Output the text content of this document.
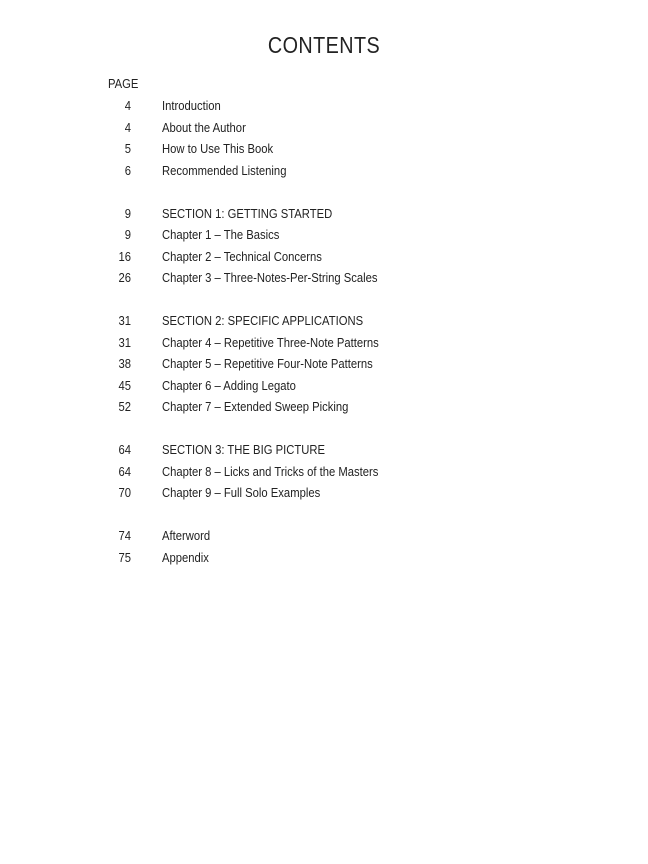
CONTENTS
PAGE
4 Introduction
4 About the Author
5 How to Use This Book
6 Recommended Listening
9 SECTION 1: GETTING STARTED
9 Chapter 1 – The Basics
16 Chapter 2 – Technical Concerns
26 Chapter 3 – Three-Notes-Per-String Scales
31 SECTION 2: SPECIFIC APPLICATIONS
31 Chapter 4 – Repetitive Three-Note Patterns
38 Chapter 5 – Repetitive Four-Note Patterns
45 Chapter 6 – Adding Legato
52 Chapter 7 – Extended Sweep Picking
64 SECTION 3: THE BIG PICTURE
64 Chapter 8 – Licks and Tricks of the Masters
70 Chapter 9 – Full Solo Examples
74 Afterword
75 Appendix
